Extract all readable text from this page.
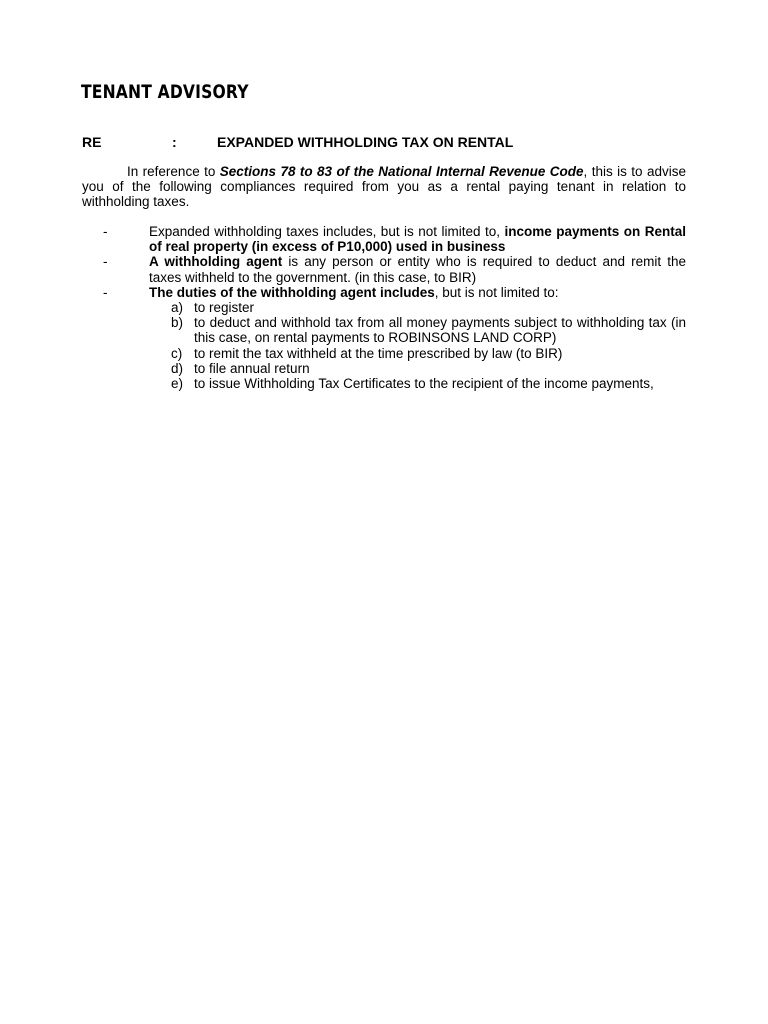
TENANT ADVISORY
RE	:	EXPANDED WITHHOLDING TAX ON RENTAL
In reference to Sections 78 to 83 of the National Internal Revenue Code, this is to advise you of the following compliances required from you as a rental paying tenant in relation to withholding taxes.
-	Expanded withholding taxes includes, but is not limited to, income payments on Rental of real property (in excess of P10,000) used in business
-	A withholding agent is any person or entity who is required to deduct and remit the taxes withheld to the government. (in this case, to BIR)
-	The duties of the withholding agent includes, but is not limited to:
a) to register
b) to deduct and withhold tax from all money payments subject to withholding tax (in this case, on rental payments to ROBINSONS LAND CORP)
c) to remit the tax withheld at the time prescribed by law (to BIR)
d) to file annual return
e) to issue Withholding Tax Certificates to the recipient of the income payments,
